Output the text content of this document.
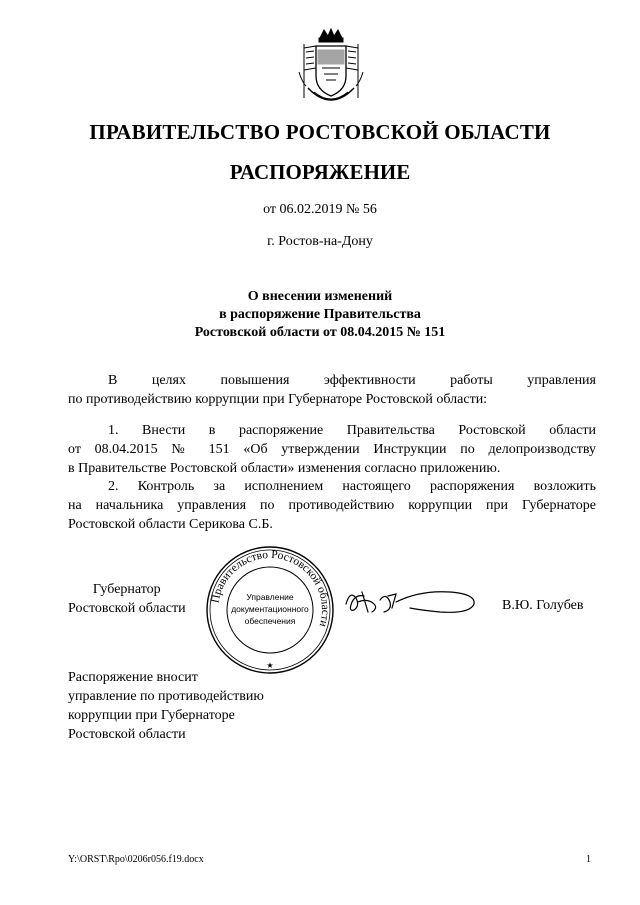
ПРАВИТЕЛЬСТВО РОСТОВСКОЙ ОБЛАСТИ
РАСПОРЯЖЕНИЕ
от 06.02.2019 № 56
г. Ростов-на-Дону
О внесении изменений
в распоряжение Правительства
Ростовской области от 08.04.2015 № 151
В целях повышения эффективности работы управления
по противодействию коррупции при Губернаторе Ростовской области:
1. Внести в распоряжение Правительства Ростовской области
от 08.04.2015 № 151 «Об утверждении Инструкции по делопроизводству
в Правительстве Ростовской области» изменения согласно приложению.
2. Контроль за исполнением настоящего распоряжения возложить
на начальника управления по противодействию коррупции при Губернаторе
Ростовской области Серикова С.Б.
Губернатор
Ростовской области
Правительство Ростовской области
Управление
документационного
обеспечения
★
В.Ю. Голубев
Распоряжение вносит
управление по противодействию
коррупции при Губернаторе
Ростовской области
Y:\ORST\Rpo\0206r056.f19.docx	1
